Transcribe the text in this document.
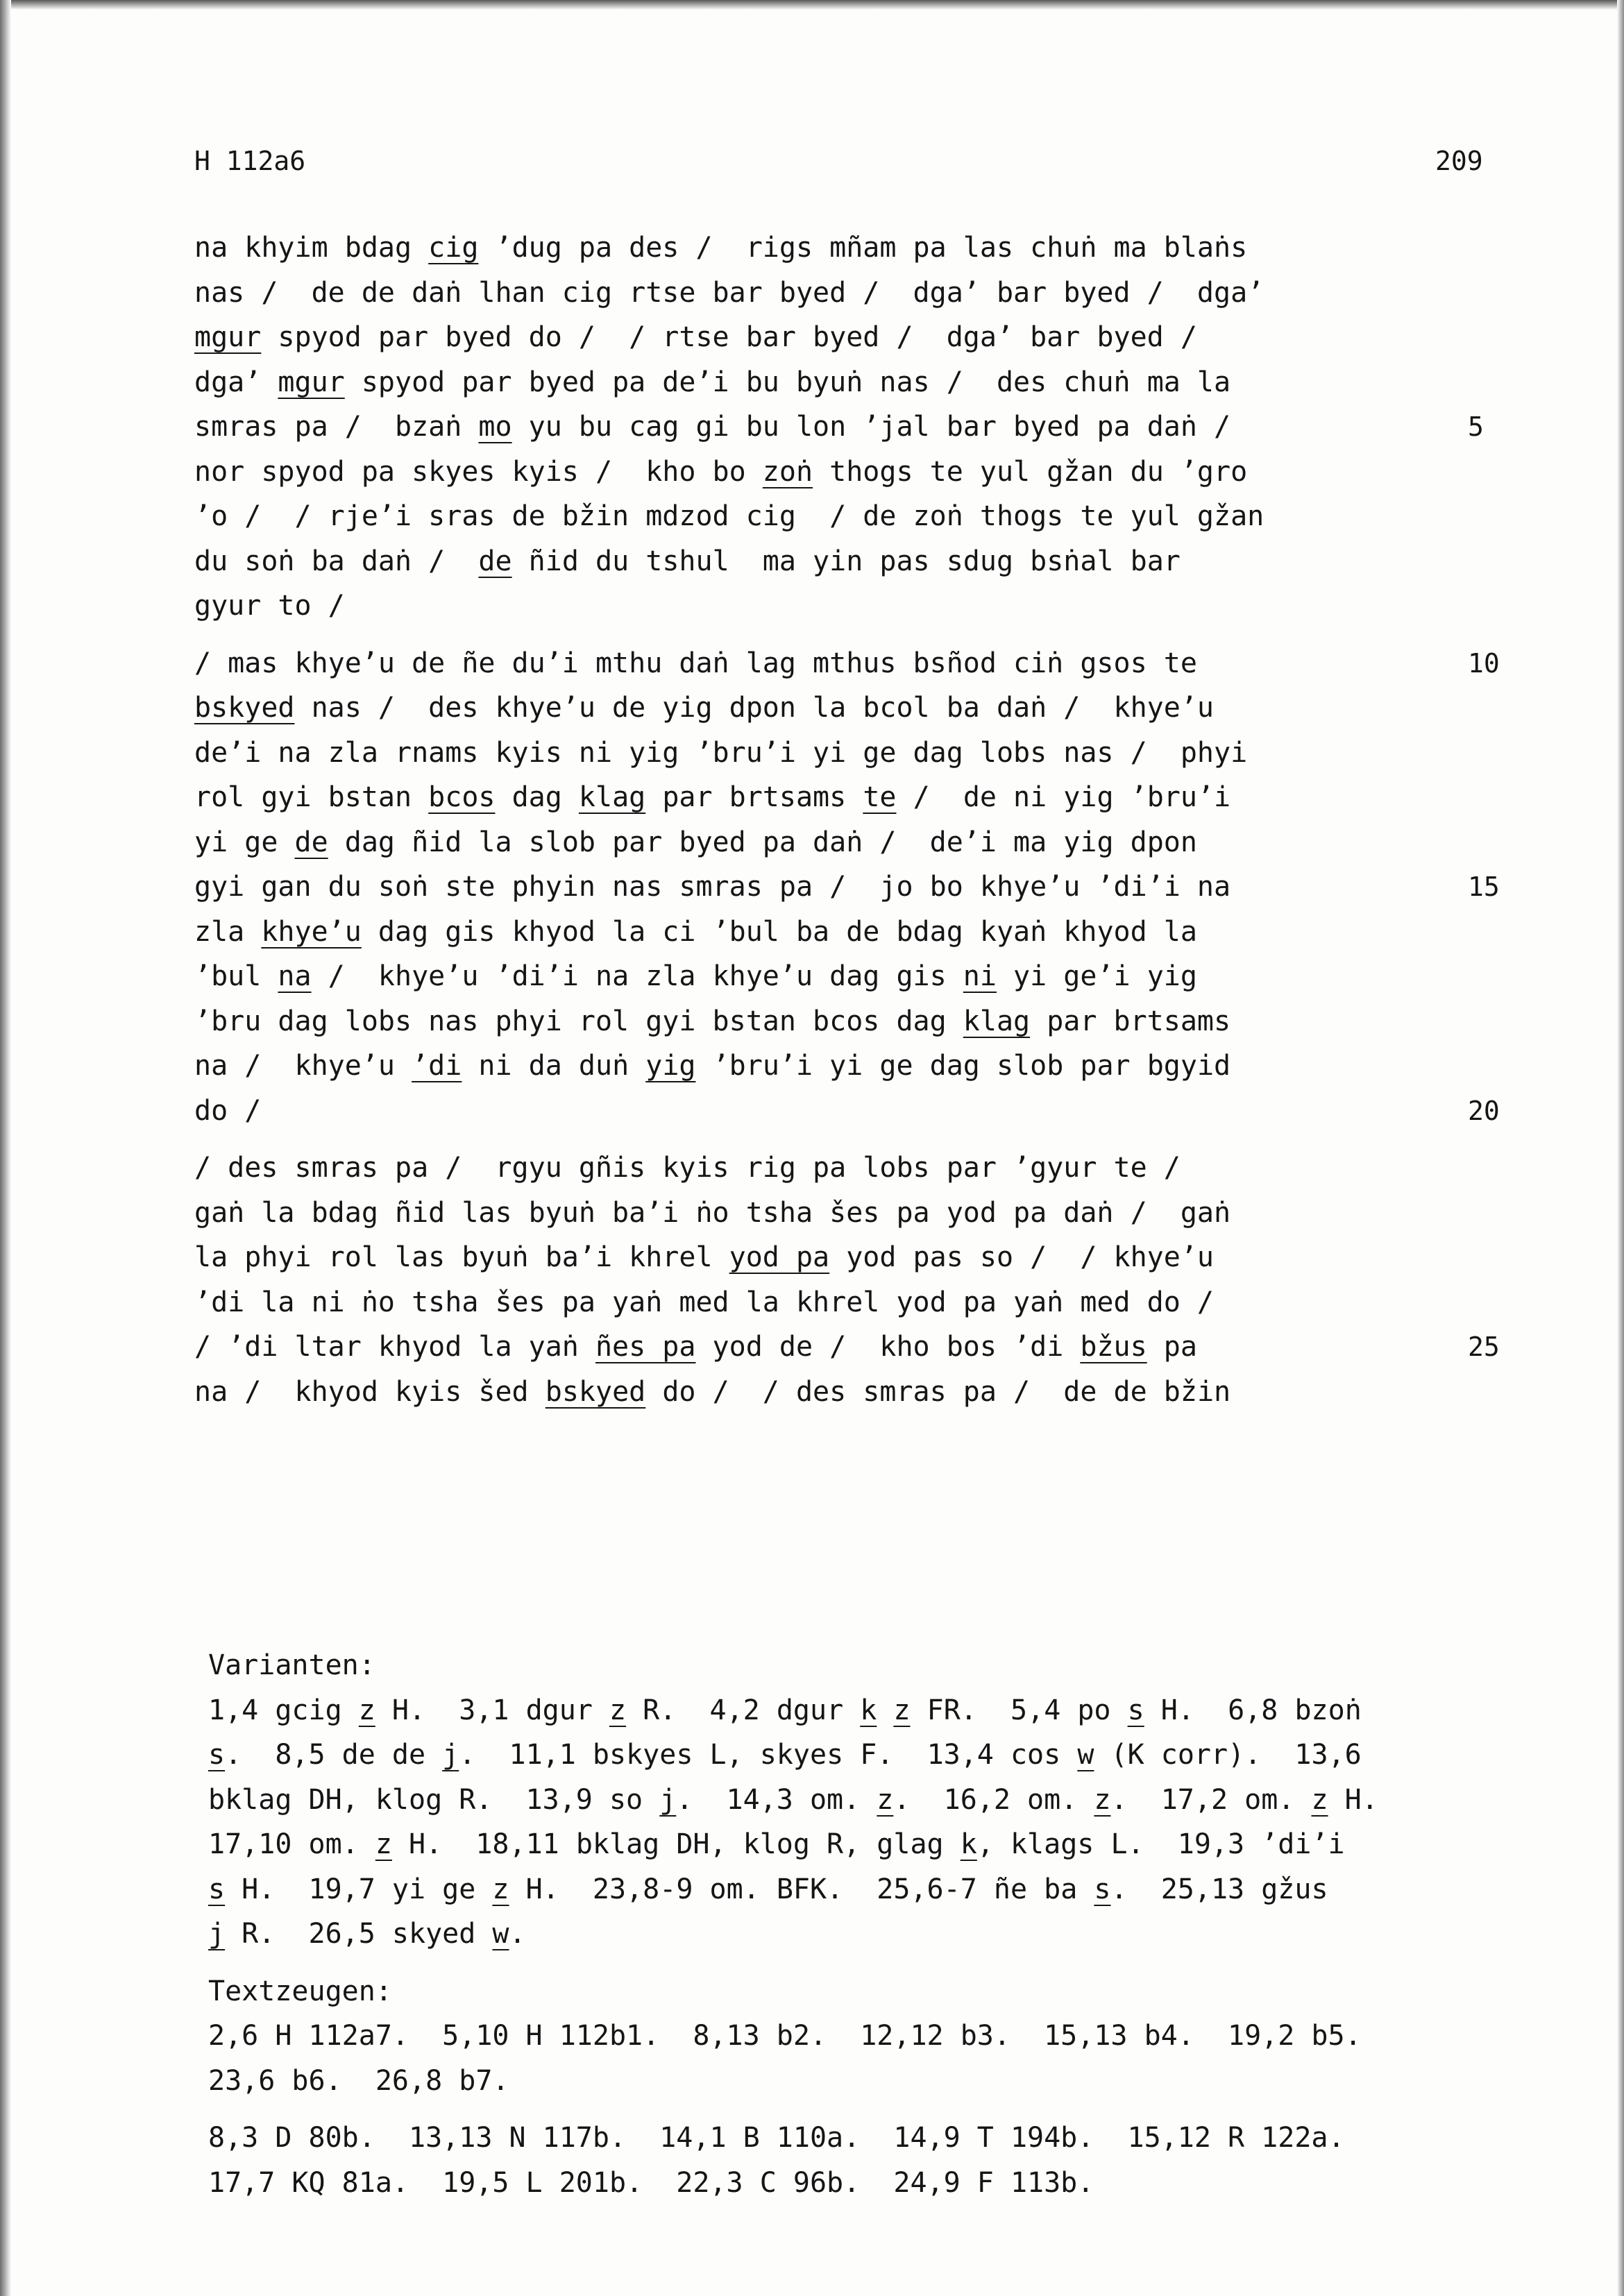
H 112a6	209
na khyim bdag cig ’dug pa des /  rigs mñam pa las chuṅ ma blaṅs
nas /  de de daṅ lhan cig rtse bar byed /  dga’ bar byed /  dga’
mgur spyod par byed do /  / rtse bar byed /  dga’ bar byed /
dga’ mgur spyod par byed pa de’i bu byuṅ nas /  des chuṅ ma la
smras pa /  bzaṅ mo yu bu cag gi bu lon ’jal bar byed pa daṅ /	5
nor spyod pa skyes kyis /  kho bo zoṅ thogs te yul gžan du ’gro
’o /  / rje’i sras de bžin mdzod cig  / de zoṅ thogs te yul gžan
du soṅ ba daṅ /  de ñid du tshul  ma yin pas sdug bsṅal bar
gyur to /
/ mas khye’u de ñe du’i mthu daṅ lag mthus bsñod ciṅ gsos te	10
bskyed nas /  des khye’u de yig dpon la bcol ba daṅ /  khye’u
de’i na zla rnams kyis ni yig ’bru’i yi ge dag lobs nas /  phyi
rol gyi bstan bcos dag klag par brtsams te /  de ni yig ’bru’i
yi ge de dag ñid la slob par byed pa daṅ /  de’i ma yig dpon
gyi gan du soṅ ste phyin nas smras pa /  jo bo khye’u ’di’i na	15
zla khye’u dag gis khyod la ci ’bul ba de bdag kyaṅ khyod la
’bul na /  khye’u ’di’i na zla khye’u dag gis ni yi ge’i yig
’bru dag lobs nas phyi rol gyi bstan bcos dag klag par brtsams
na /  khye’u ’di ni da duṅ yig ’bru’i yi ge dag slob par bgyid
do /	20
/ des smras pa /  rgyu gñis kyis rig pa lobs par ’gyur te /
gaṅ la bdag ñid las byuṅ ba’i ṅo tsha šes pa yod pa daṅ /  gaṅ
la phyi rol las byuṅ ba’i khrel yod pa yod pas so /  / khye’u
’di la ni ṅo tsha šes pa yaṅ med la khrel yod pa yaṅ med do /
/ ’di ltar khyod la yaṅ ñes pa yod de /  kho bos ’di bžus pa	25
na /  khyod kyis šed bskyed do /  / des smras pa /  de de bžin
Varianten:
1,4 gcig z H.  3,1 dgur z R.  4,2 dgur k z FR.  5,4 po s H.  6,8 bzoṅ
s.  8,5 de de j.  11,1 bskyes L, skyes F.  13,4 cos w (K corr).  13,6
bklag DH, klog R.  13,9 so j.  14,3 om. z.  16,2 om. z.  17,2 om. z H.
17,10 om. z H.  18,11 bklag DH, klog R, glag k, klags L.  19,3 ’di’i
s H.  19,7 yi ge z H.  23,8-9 om. BFK.  25,6-7 ñe ba s.  25,13 gžus
j R.  26,5 skyed w.
Textzeugen:
2,6 H 112a7.  5,10 H 112b1.  8,13 b2.  12,12 b3.  15,13 b4.  19,2 b5.
23,6 b6.  26,8 b7.
8,3 D 80b.  13,13 N 117b.  14,1 B 110a.  14,9 T 194b.  15,12 R 122a.
17,7 KQ 81a.  19,5 L 201b.  22,3 C 96b.  24,9 F 113b.
